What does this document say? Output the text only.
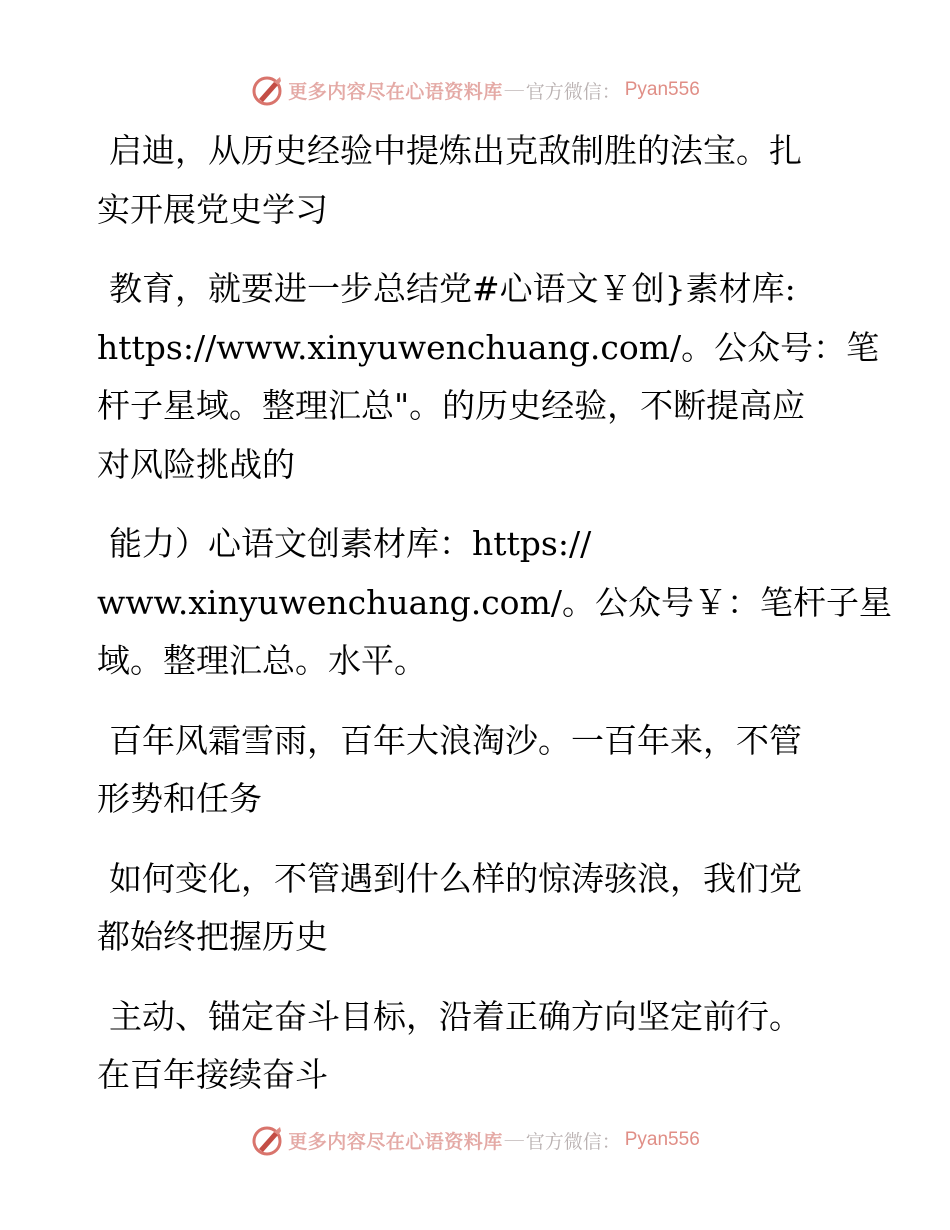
更多内容尽在心语资料库 — 官方微信： Pyan556
启迪，从历史经验中提炼出克敌制胜的法宝。扎
实开展党史学习
教育，就要进一步总结党#心语文￥创}素材库:
https://www.xinyuwenchuang.com/。公众号：笔
杆子星域。整理汇总"。的历史经验，不断提高应
对风险挑战的
能力）心语文创素材库：https://
www.xinyuwenchuang.com/。公众号￥：笔杆子星
域。整理汇总。水平。
百年风霜雪雨，百年大浪淘沙。一百年来，不管
形势和任务
如何变化，不管遇到什么样的惊涛骇浪，我们党
都始终把握历史
主动、锚定奋斗目标，沿着正确方向坚定前行。
在百年接续奋斗
更多内容尽在心语资料库 — 官方微信： Pyan556
